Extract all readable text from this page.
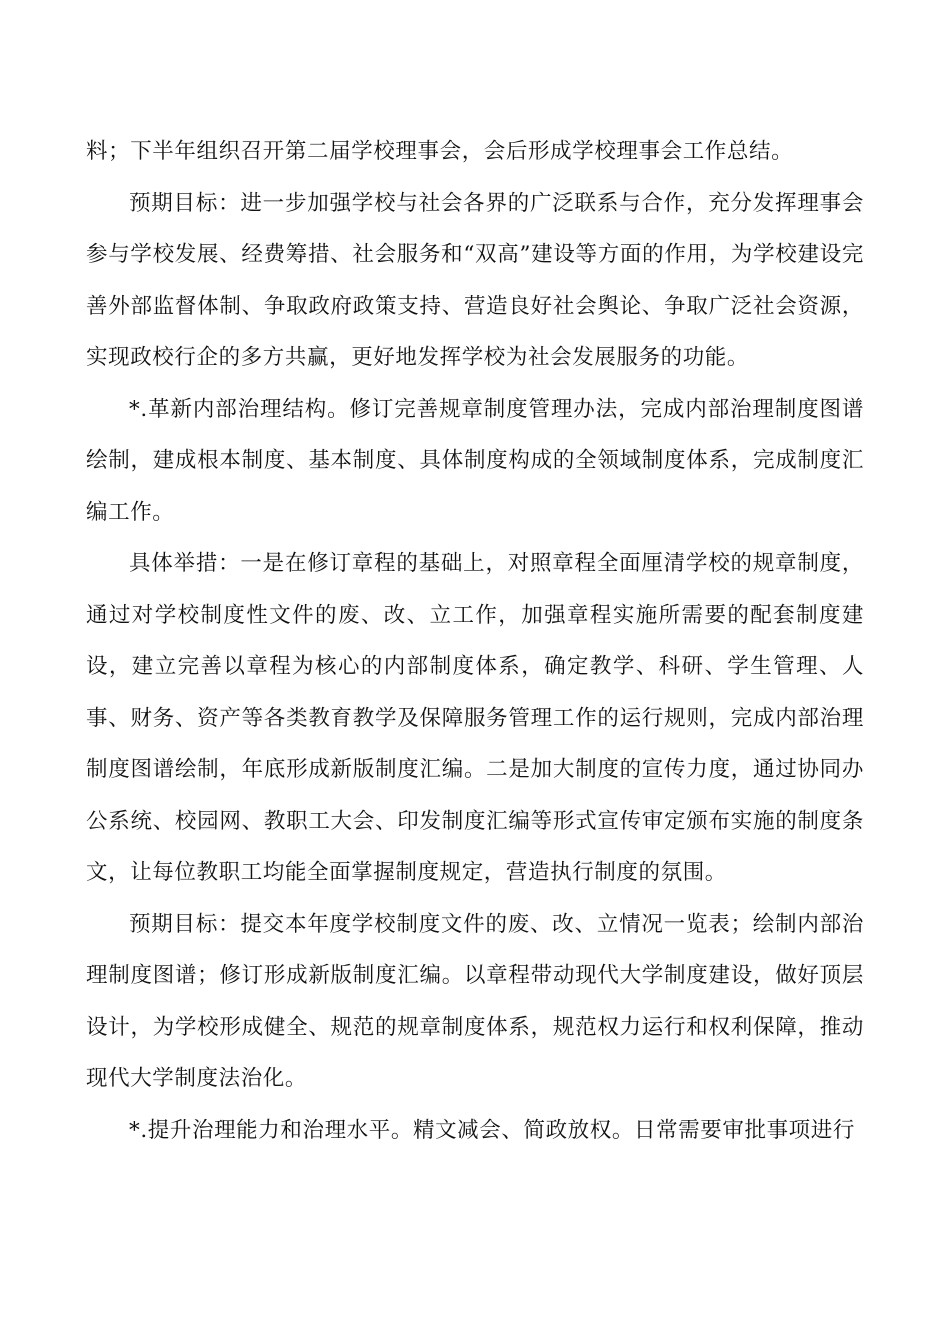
料；下半年组织召开第二届学校理事会，会后形成学校理事会工作总结。

预期目标：进一步加强学校与社会各界的广泛联系与合作，充分发挥理事会参与学校发展、经费筹措、社会服务和“双高”建设等方面的作用，为学校建设完善外部监督体制、争取政府政策支持、营造良好社会舆论、争取广泛社会资源，实现政校行企的多方共赢，更好地发挥学校为社会发展服务的功能。

*.革新内部治理结构。修订完善规章制度管理办法，完成内部治理制度图谱绘制，建成根本制度、基本制度、具体制度构成的全领域制度体系，完成制度汇编工作。

具体举措：一是在修订章程的基础上，对照章程全面厘清学校的规章制度，通过对学校制度性文件的废、改、立工作，加强章程实施所需要的配套制度建设，建立完善以章程为核心的内部制度体系，确定教学、科研、学生管理、人事、财务、资产等各类教育教学及保障服务管理工作的运行规则，完成内部治理制度图谱绘制，年底形成新版制度汇编。二是加大制度的宣传力度，通过协同办公系统、校园网、教职工大会、印发制度汇编等形式宣传审定颁布实施的制度条文，让每位教职工均能全面掌握制度规定，营造执行制度的氛围。

预期目标：提交本年度学校制度文件的废、改、立情况一览表；绘制内部治理制度图谱；修订形成新版制度汇编。以章程带动现代大学制度建设，做好顶层设计，为学校形成健全、规范的规章制度体系，规范权力运行和权利保障，推动现代大学制度法治化。

*.提升治理能力和治理水平。精文减会、简政放权。日常需要审批事项进行
